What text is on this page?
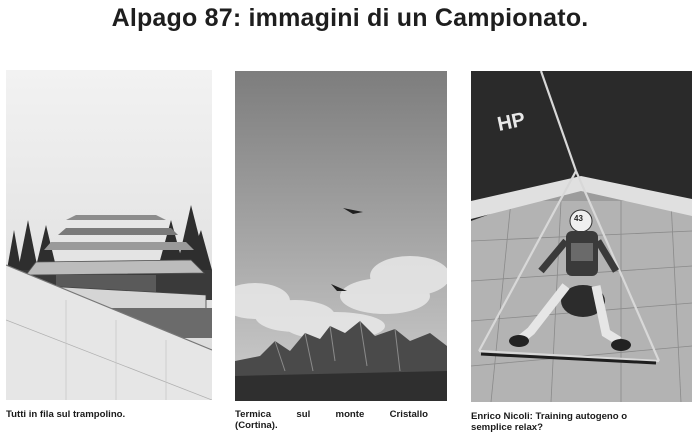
Alpago 87: immagini di un Campionato.
HP
43
Tutti in fila sul trampolino.	Termica sul monte Cristallo
(Cortina).
Enrico Nicoli: Training autogeno o
semplice relax?
